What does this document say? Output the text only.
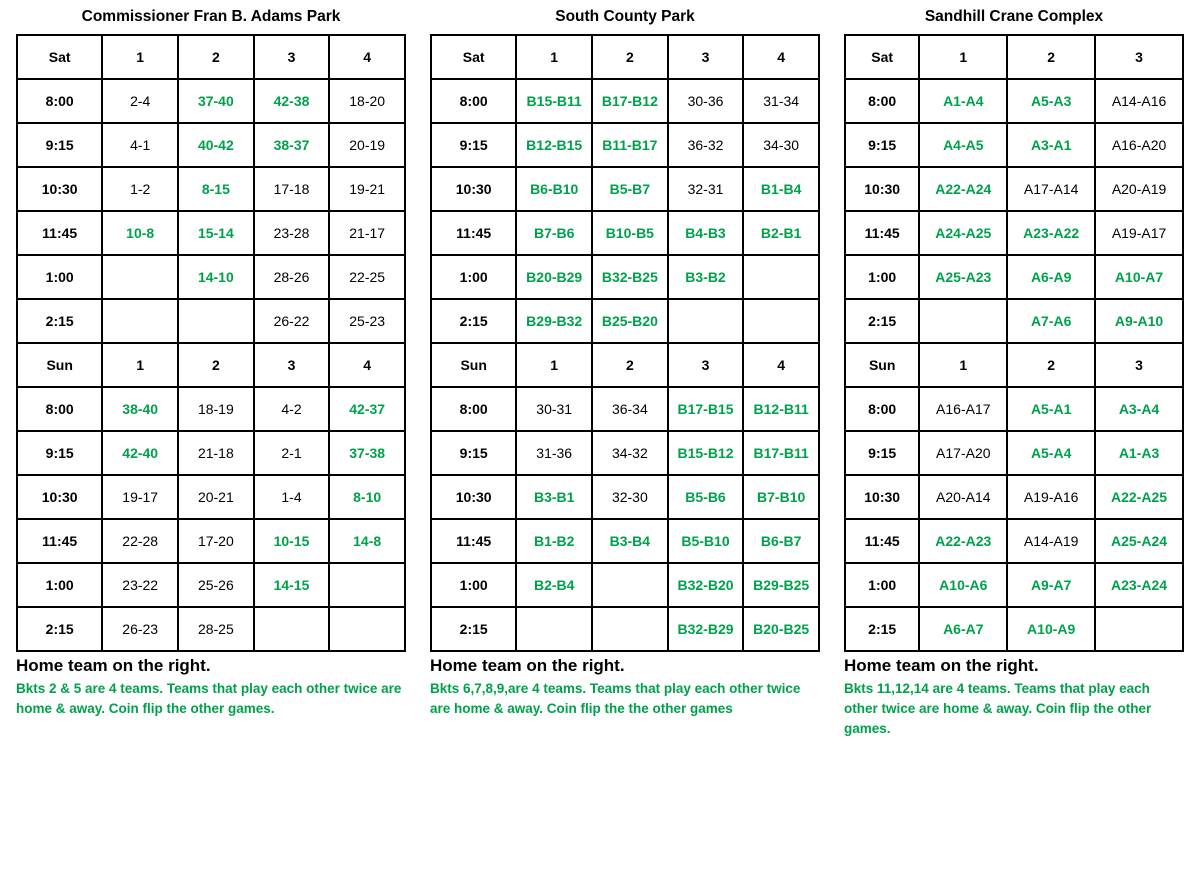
Commissioner Fran B. Adams Park
Sat	1	2	3	4
8:00	2-4	37-40	42-38	18-20
9:15	4-1	40-42	38-37	20-19
10:30	1-2	8-15	17-18	19-21
11:45	10-8	15-14	23-28	21-17
1:00		14-10	28-26	22-25
2:15			26-22	25-23
Sun	1	2	3	4
8:00	38-40	18-19	4-2	42-37
9:15	42-40	21-18	2-1	37-38
10:30	19-17	20-21	1-4	8-10
11:45	22-28	17-20	10-15	14-8
1:00	23-22	25-26	14-15	
2:15	26-23	28-25		
Home team on the right.
Bkts 2 & 5 are 4 teams. Teams that play each other twice are home & away. Coin flip the other games.
South County Park
Sat	1	2	3	4
8:00	B15-B11	B17-B12	30-36	31-34
9:15	B12-B15	B11-B17	36-32	34-30
10:30	B6-B10	B5-B7	32-31	B1-B4
11:45	B7-B6	B10-B5	B4-B3	B2-B1
1:00	B20-B29	B32-B25	B3-B2	
2:15	B29-B32	B25-B20		
Sun	1	2	3	4
8:00	30-31	36-34	B17-B15	B12-B11
9:15	31-36	34-32	B15-B12	B17-B11
10:30	B3-B1	32-30	B5-B6	B7-B10
11:45	B1-B2	B3-B4	B5-B10	B6-B7
1:00	B2-B4		B32-B20	B29-B25
2:15			B32-B29	B20-B25
Home team on the right.
Bkts 6,7,8,9,are 4 teams. Teams that play each other twice are home & away. Coin flip the the other games
Sandhill Crane Complex
Sat	1	2	3
8:00	A1-A4	A5-A3	A14-A16
9:15	A4-A5	A3-A1	A16-A20
10:30	A22-A24	A17-A14	A20-A19
11:45	A24-A25	A23-A22	A19-A17
1:00	A25-A23	A6-A9	A10-A7
2:15		A7-A6	A9-A10
Sun	1	2	3
8:00	A16-A17	A5-A1	A3-A4
9:15	A17-A20	A5-A4	A1-A3
10:30	A20-A14	A19-A16	A22-A25
11:45	A22-A23	A14-A19	A25-A24
1:00	A10-A6	A9-A7	A23-A24
2:15	A6-A7	A10-A9	
Home team on the right.
Bkts 11,12,14 are 4 teams. Teams that play each other twice are home & away. Coin flip the other games.
